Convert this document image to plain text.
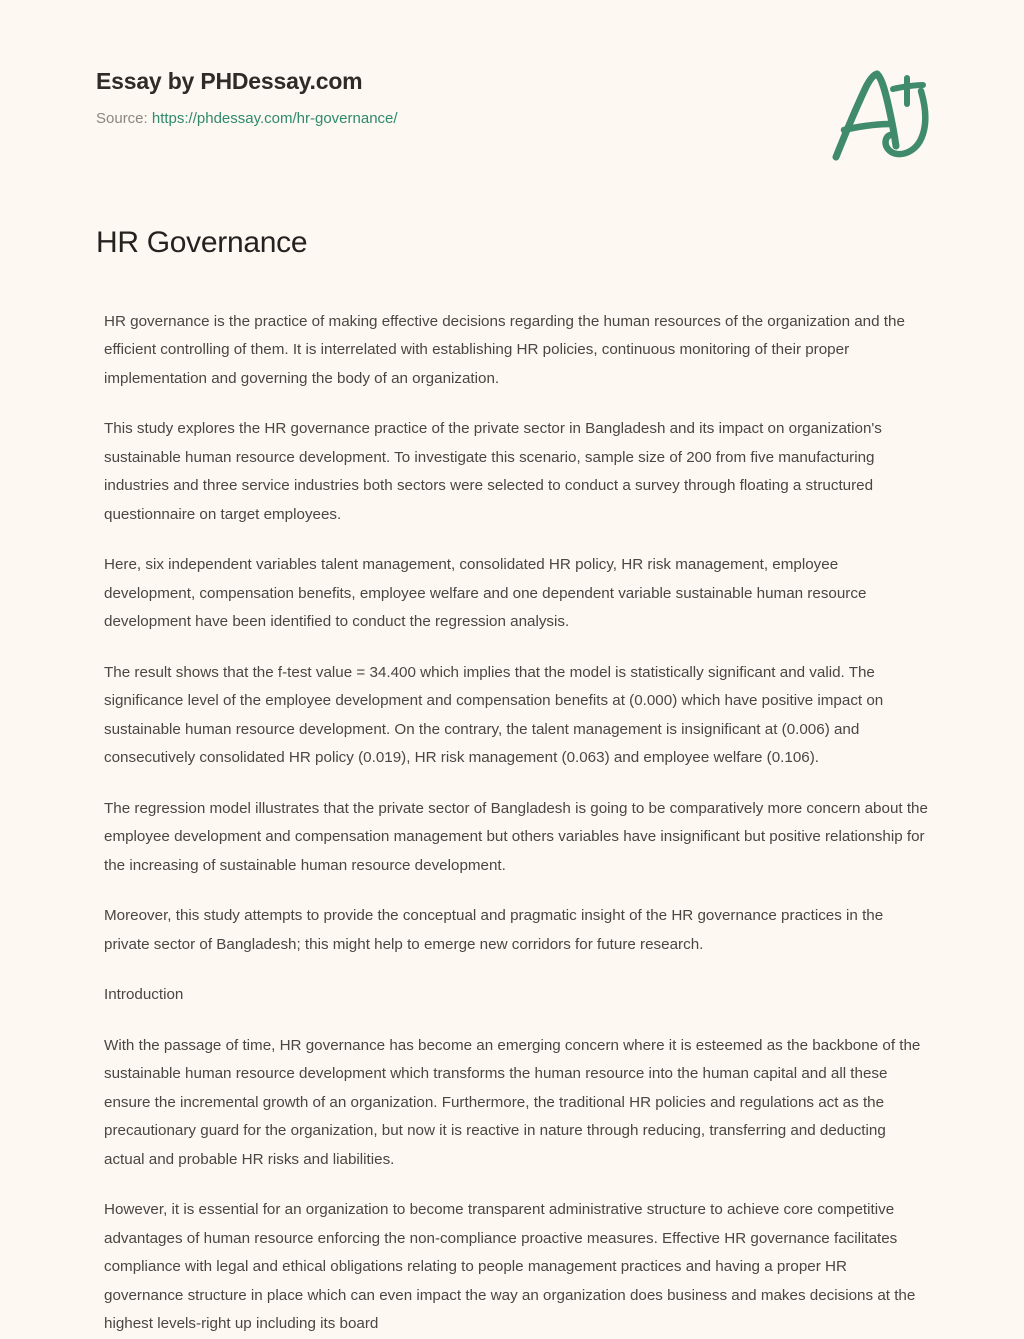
Essay by PHDessay.com
Source: https://phdessay.com/hr-governance/
HR Governance

HR governance is the practice of making effective decisions regarding the human resources of the organization and the efficient controlling of them. It is interrelated with establishing HR policies, continuous monitoring of their proper implementation and governing the body of an organization.

This study explores the HR governance practice of the private sector in Bangladesh and its impact on organization's sustainable human resource development. To investigate this scenario, sample size of 200 from five manufacturing industries and three service industries both sectors were selected to conduct a survey through floating a structured questionnaire on target employees.

Here, six independent variables talent management, consolidated HR policy, HR risk management, employee development, compensation benefits, employee welfare and one dependent variable sustainable human resource development have been identified to conduct the regression analysis.

The result shows that the f-test value = 34.400 which implies that the model is statistically significant and valid. The significance level of the employee development and compensation benefits at (0.000) which have positive impact on sustainable human resource development. On the contrary, the talent management is insignificant at (0.006) and consecutively consolidated HR policy (0.019), HR risk management (0.063) and employee welfare (0.106).

The regression model illustrates that the private sector of Bangladesh is going to be comparatively more concern about the employee development and compensation management but others variables have insignificant but positive relationship for the increasing of sustainable human resource development.

Moreover, this study attempts to provide the conceptual and pragmatic insight of the HR governance practices in the private sector of Bangladesh; this might help to emerge new corridors for future research.

Introduction

With the passage of time, HR governance has become an emerging concern where it is esteemed as the backbone of the sustainable human resource development which transforms the human resource into the human capital and all these ensure the incremental growth of an organization. Furthermore, the traditional HR policies and regulations act as the precautionary guard for the organization, but now it is reactive in nature through reducing, transferring and deducting actual and probable HR risks and liabilities.

However, it is essential for an organization to become transparent administrative structure to achieve core competitive advantages of human resource enforcing the non-compliance proactive measures. Effective HR governance facilitates compliance with legal and ethical obligations relating to people management practices and having a proper HR governance structure in place which can even impact the way an organization does business and makes decisions at the highest levels-right up including its board
